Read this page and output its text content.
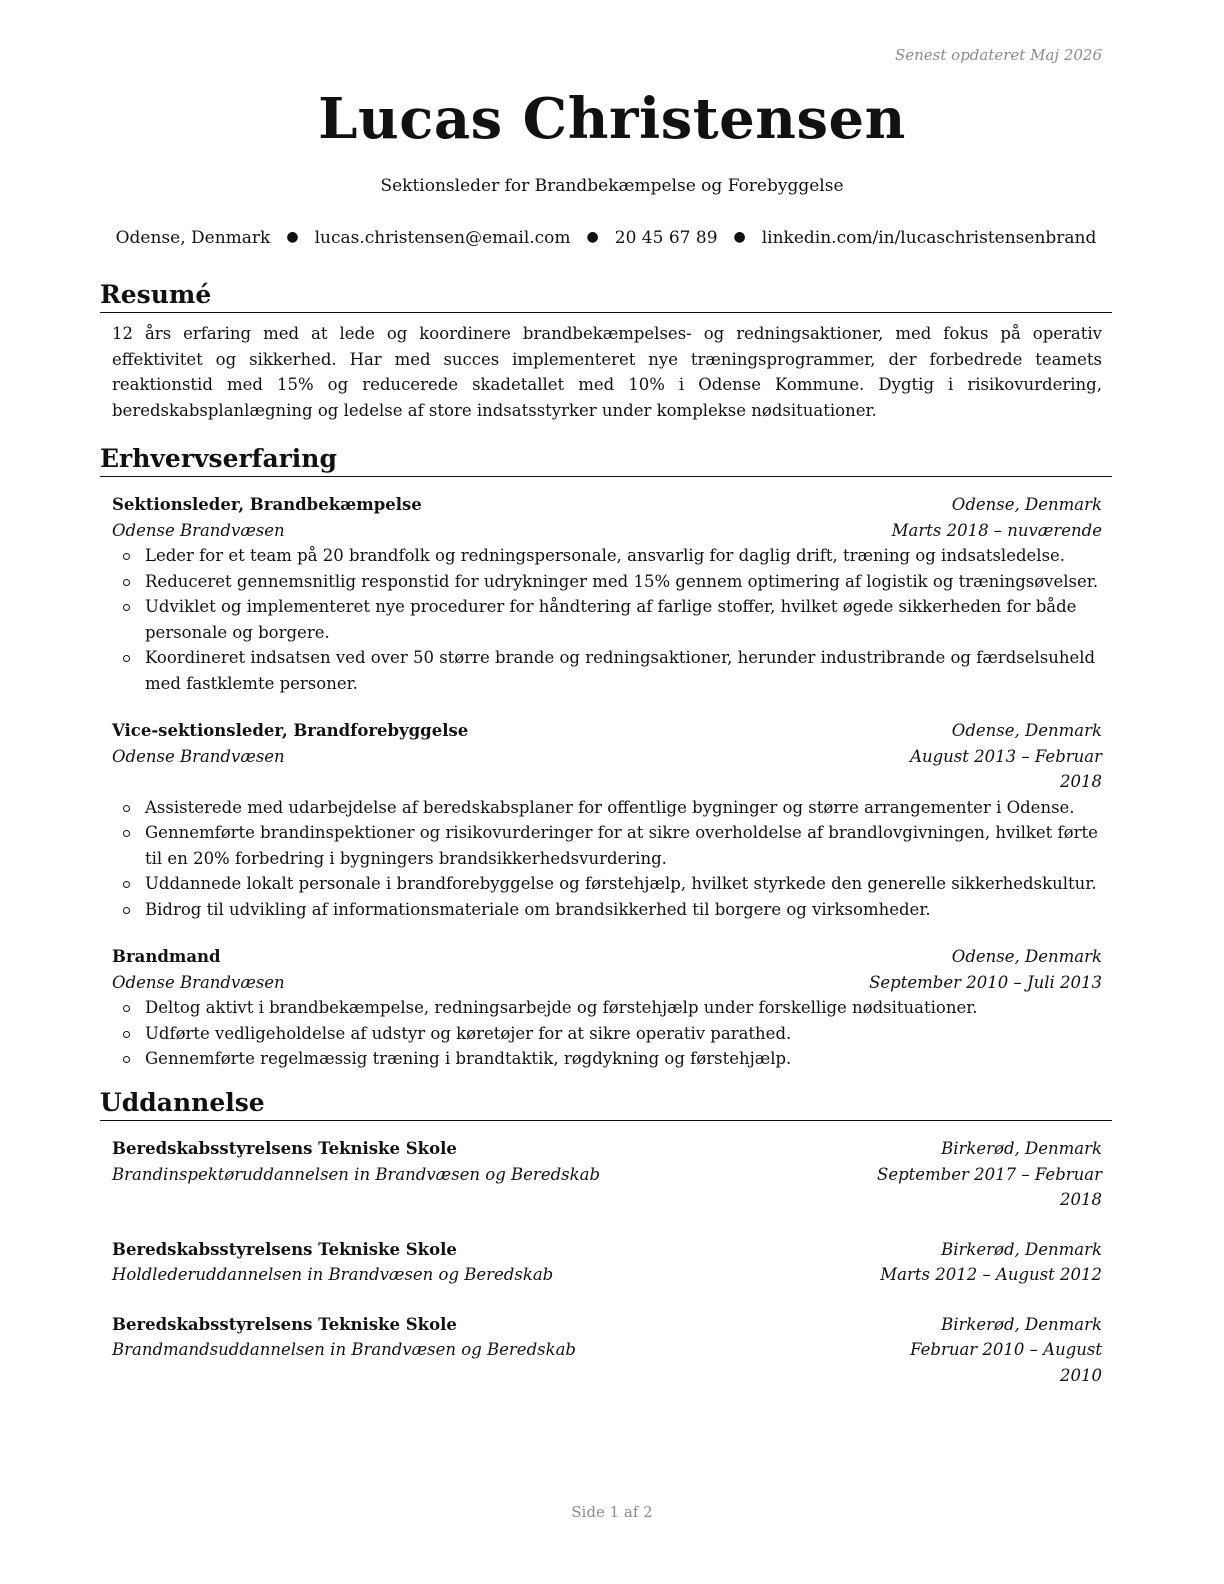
Senest opdateret Maj 2026
Lucas Christensen
Sektionsleder for Brandbekæmpelse og Forebyggelse
Odense, Denmark ● lucas.christensen@email.com ● 20 45 67 89 ● linkedin.com/in/lucaschristensenbrand
Resumé
12 års erfaring med at lede og koordinere brandbekæmpelses- og redningsaktioner, med fokus på operativ effektivitet og sikkerhed. Har med succes implementeret nye træningsprogrammer, der forbedrede teamets reaktionstid med 15% og reducerede skadetallet med 10% i Odense Kommune. Dygtig i risikovurdering, beredskabsplanlægning og ledelse af store indsatsstyrker under komplekse nødsituationer.
Erhvervserfaring
Sektionsleder, Brandbekæmpelse	Odense, Denmark
Odense Brandvæsen	Marts 2018 – nuværende
Leder for et team på 20 brandfolk og redningspersonale, ansvarlig for daglig drift, træning og indsatsledelse.
Reduceret gennemsnitlig responstid for udrykninger med 15% gennem optimering af logistik og træningsøvelser.
Udviklet og implementeret nye procedurer for håndtering af farlige stoffer, hvilket øgede sikkerheden for både personale og borgere.
Koordineret indsatsen ved over 50 større brande og redningsaktioner, herunder industribrande og færdselsuheld med fastklemte personer.
Vice-sektionsleder, Brandforebyggelse	Odense, Denmark
Odense Brandvæsen	August 2013 – Februar 2018
Assisterede med udarbejdelse af beredskabsplaner for offentlige bygninger og større arrangementer i Odense.
Gennemførte brandinspektioner og risikovurderinger for at sikre overholdelse af brandlovgivningen, hvilket førte til en 20% forbedring i bygningers brandsikkerhedsvurdering.
Uddannede lokalt personale i brandforebyggelse og førstehjælp, hvilket styrkede den generelle sikkerhedskultur.
Bidrog til udvikling af informationsmateriale om brandsikkerhed til borgere og virksomheder.
Brandmand	Odense, Denmark
Odense Brandvæsen	September 2010 – Juli 2013
Deltog aktivt i brandbekæmpelse, redningsarbejde og førstehjælp under forskellige nødsituationer.
Udførte vedligeholdelse af udstyr og køretøjer for at sikre operativ parathed.
Gennemførte regelmæssig træning i brandtaktik, røgdykning og førstehjælp.
Uddannelse
Beredskabsstyrelsens Tekniske Skole	Birkerød, Denmark
Brandinspektøruddannelsen in Brandvæsen og Beredskab	September 2017 – Februar 2018
Beredskabsstyrelsens Tekniske Skole	Birkerød, Denmark
Holdlederuddannelsen in Brandvæsen og Beredskab	Marts 2012 – August 2012
Beredskabsstyrelsens Tekniske Skole	Birkerød, Denmark
Brandmandsuddannelsen in Brandvæsen og Beredskab	Februar 2010 – August 2010
Side 1 af 2
